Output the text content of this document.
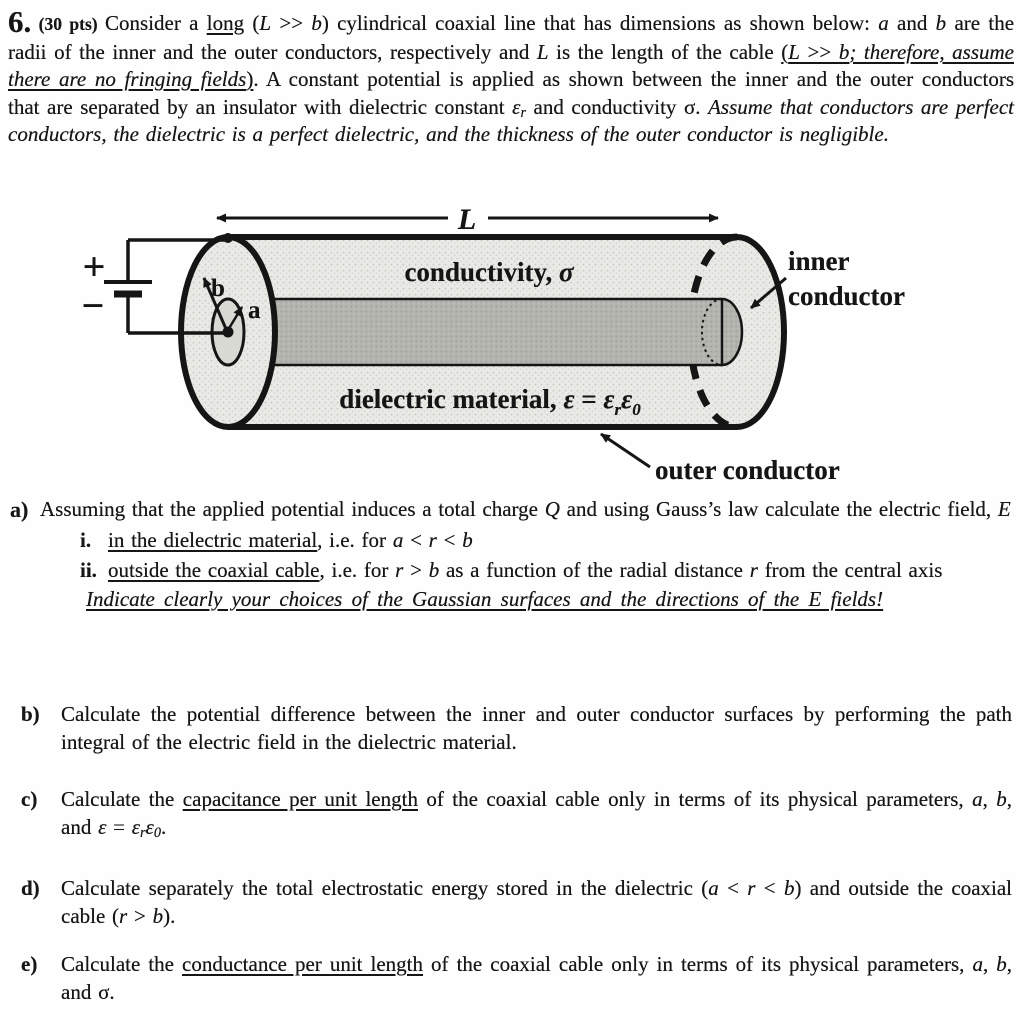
6. (30 pts) Consider a long (L >> b) cylindrical coaxial line that has dimensions as shown below: a and b are the radii of the inner and the outer conductors, respectively and L is the length of the cable (L >> b; therefore, assume there are no fringing fields). A constant potential is applied as shown between the inner and the outer conductors that are separated by an insulator with dielectric constant εr and conductivity σ. Assume that conductors are perfect conductors, the dielectric is a perfect dielectric, and the thickness of the outer conductor is negligible.
L
+
−	b
a
conductivity, σ
dielectric material, $\varepsilon = \varepsilon_r\varepsilon_0$
inner
conductor
outer conductor
a) Assuming that the applied potential induces a total charge Q and using Gauss’s law calculate the electric field, E
i. in the dielectric material, i.e. for a < r < b
ii. outside the coaxial cable, i.e. for r > b as a function of the radial distance r from the central axis
Indicate clearly your choices of the Gaussian surfaces and the directions of the E fields!
b)	Calculate the potential difference between the inner and outer conductor surfaces by performing the path integral of the electric field in the dielectric material.
c)	Calculate the capacitance per unit length of the coaxial cable only in terms of its physical parameters, a, b, and ε = εrε0.
d)	Calculate separately the total electrostatic energy stored in the dielectric (a < r < b) and outside the coaxial cable (r > b).
e)	Calculate the conductance per unit length of the coaxial cable only in terms of its physical parameters, a, b, and σ.
